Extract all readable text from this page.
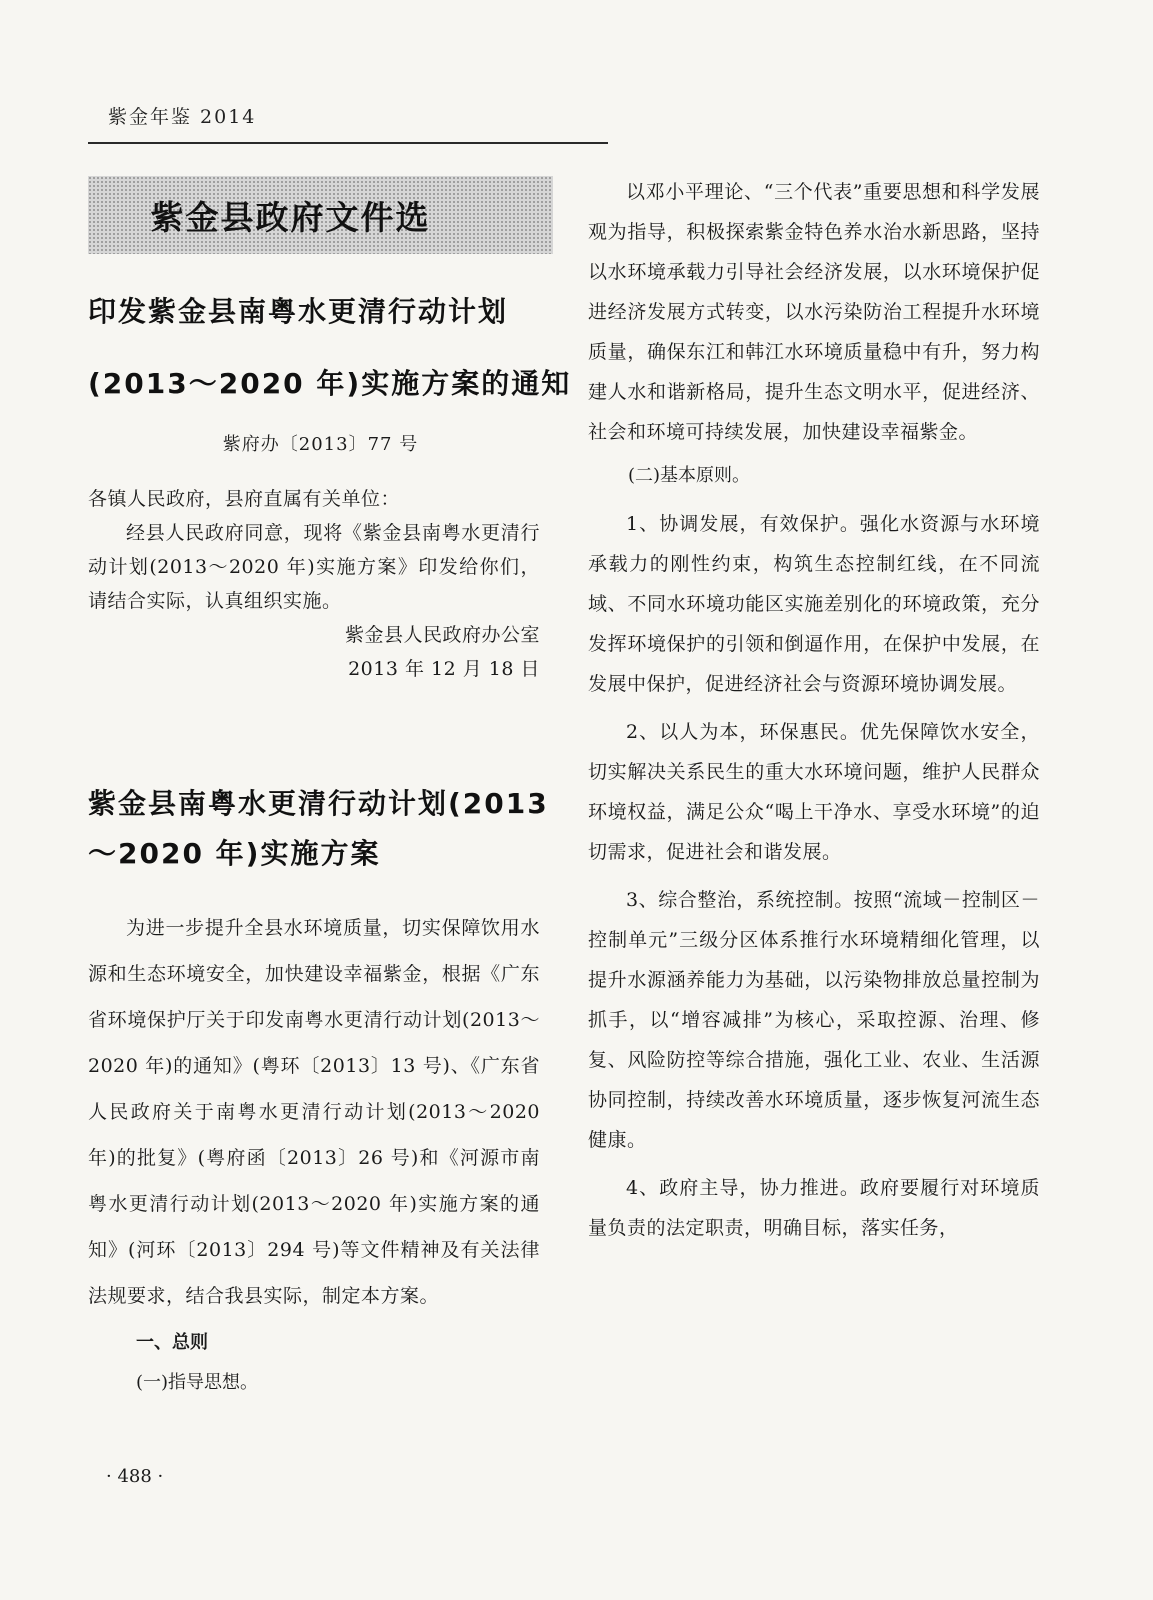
紫金年鉴 2014
紫金县政府文件选
印发紫金县南粤水更清行动计划
(2013～2020 年)实施方案的通知
紫府办〔2013〕77 号
各镇人民政府，县府直属有关单位：
经县人民政府同意，现将《紫金县南粤水更清行动计划(2013～2020 年)实施方案》印发给你们，请结合实际，认真组织实施。
紫金县人民政府办公室
2013 年 12 月 18 日
紫金县南粤水更清行动计划(2013
～2020 年)实施方案
为进一步提升全县水环境质量，切实保障饮用水源和生态环境安全，加快建设幸福紫金，根据《广东省环境保护厅关于印发南粤水更清行动计划(2013～2020 年)的通知》(粤环〔2013〕13 号)、《广东省人民政府关于南粤水更清行动计划(2013～2020 年)的批复》(粤府函〔2013〕26 号)和《河源市南粤水更清行动计划(2013～2020 年)实施方案的通知》(河环〔2013〕294 号)等文件精神及有关法律法规要求，结合我县实际，制定本方案。
一、总则
(一)指导思想。
以邓小平理论、“三个代表”重要思想和科学发展观为指导，积极探索紫金特色养水治水新思路，坚持以水环境承载力引导社会经济发展，以水环境保护促进经济发展方式转变，以水污染防治工程提升水环境质量，确保东江和韩江水环境质量稳中有升，努力构建人水和谐新格局，提升生态文明水平，促进经济、社会和环境可持续发展，加快建设幸福紫金。
(二)基本原则。
1、协调发展，有效保护。强化水资源与水环境承载力的刚性约束，构筑生态控制红线，在不同流域、不同水环境功能区实施差别化的环境政策，充分发挥环境保护的引领和倒逼作用，在保护中发展，在发展中保护，促进经济社会与资源环境协调发展。
2、以人为本，环保惠民。优先保障饮水安全，切实解决关系民生的重大水环境问题，维护人民群众环境权益，满足公众“喝上干净水、享受水环境”的迫切需求，促进社会和谐发展。
3、综合整治，系统控制。按照“流域－控制区－控制单元”三级分区体系推行水环境精细化管理，以提升水源涵养能力为基础，以污染物排放总量控制为抓手，以“增容减排”为核心，采取控源、治理、修复、风险防控等综合措施，强化工业、农业、生活源协同控制，持续改善水环境质量，逐步恢复河流生态健康。
4、政府主导，协力推进。政府要履行对环境质量负责的法定职责，明确目标，落实任务，
· 488 ·
